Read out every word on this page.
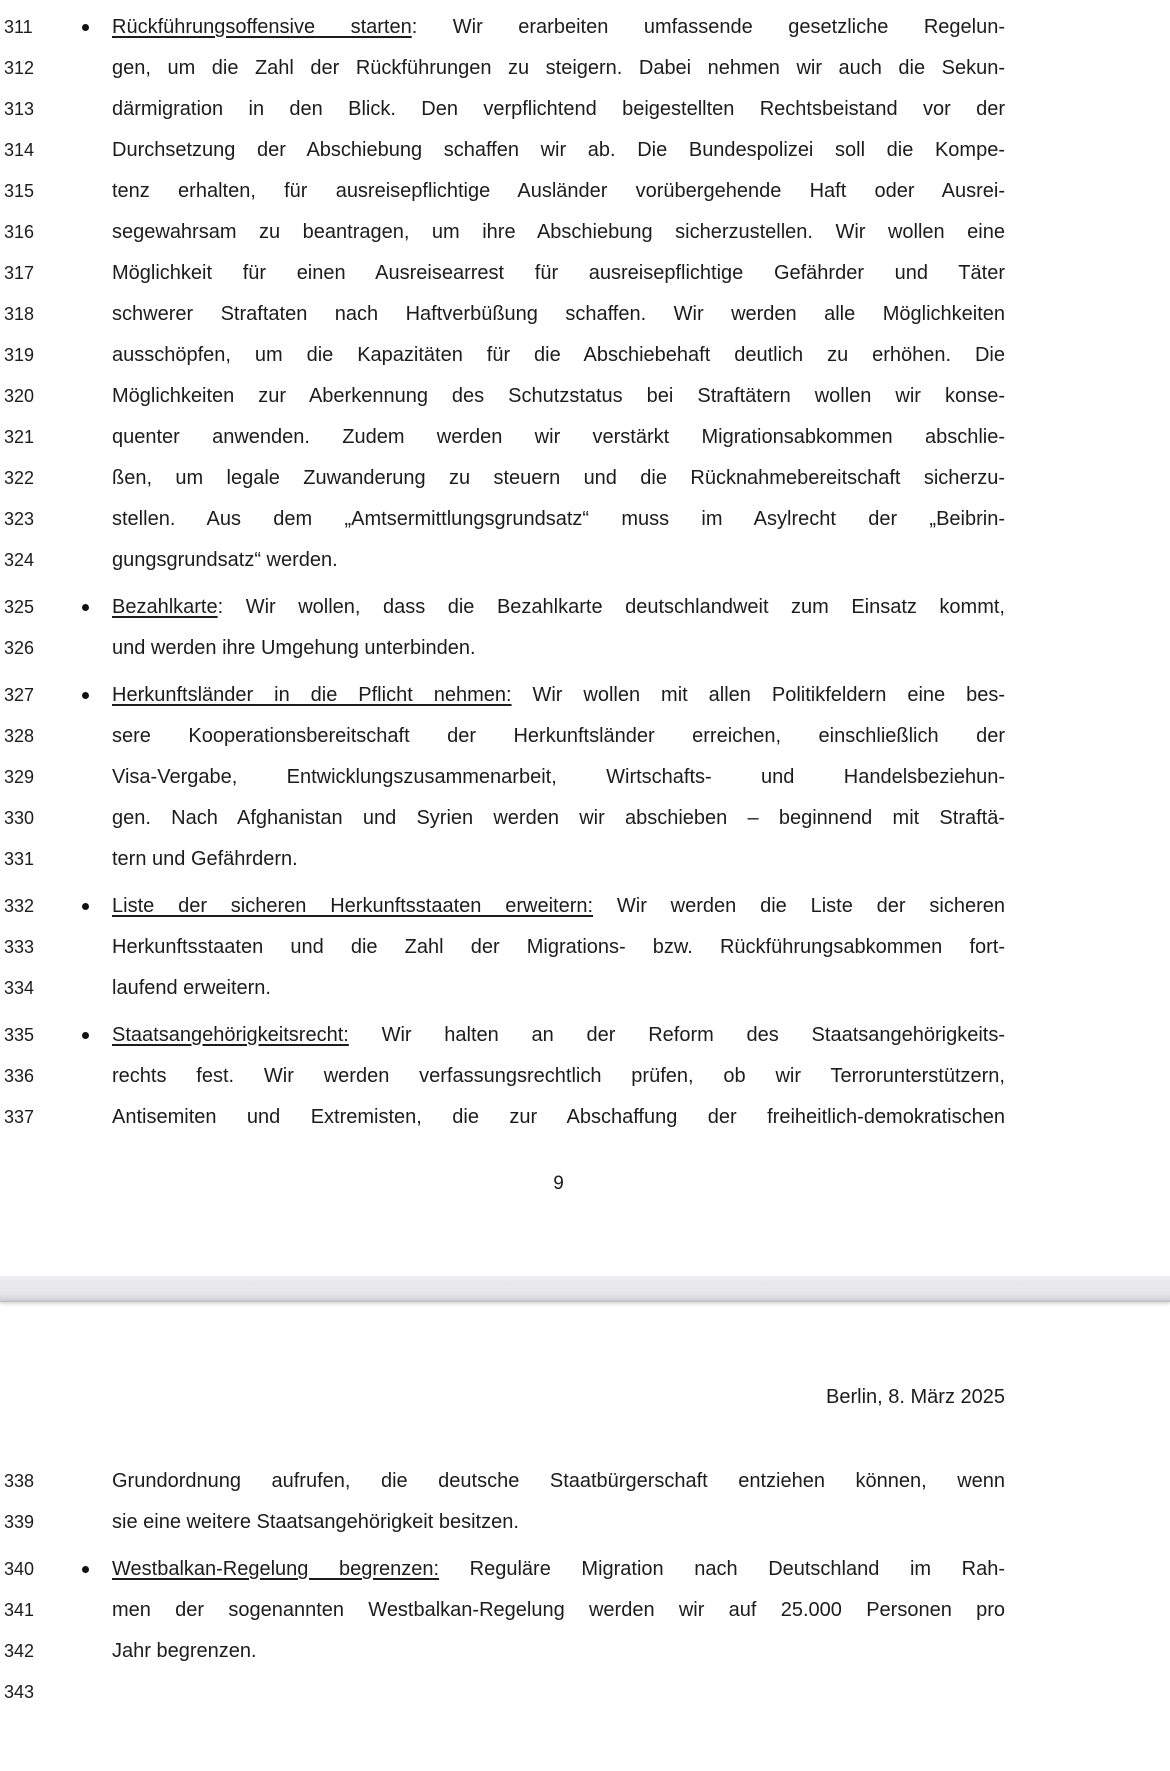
311	Rückführungsoffensive starten: Wir erarbeiten umfassende gesetzliche Regelun-
312	gen, um die Zahl der Rückführungen zu steigern. Dabei nehmen wir auch die Sekun-
313	därmigration in den Blick. Den verpflichtend beigestellten Rechtsbeistand vor der
314	Durchsetzung der Abschiebung schaffen wir ab. Die Bundespolizei soll die Kompe-
315	tenz erhalten, für ausreisepflichtige Ausländer vorübergehende Haft oder Ausrei-
316	segewahrsam zu beantragen, um ihre Abschiebung sicherzustellen. Wir wollen eine
317	Möglichkeit für einen Ausreisearrest für ausreisepflichtige Gefährder und Täter
318	schwerer Straftaten nach Haftverbüßung schaffen. Wir werden alle Möglichkeiten
319	ausschöpfen, um die Kapazitäten für die Abschiebehaft deutlich zu erhöhen. Die
320	Möglichkeiten zur Aberkennung des Schutzstatus bei Straftätern wollen wir konse-
321	quenter anwenden. Zudem werden wir verstärkt Migrationsabkommen abschlie-
322	ßen, um legale Zuwanderung zu steuern und die Rücknahmebereitschaft sicherzu-
323	stellen. Aus dem „Amtsermittlungsgrundsatz“ muss im Asylrecht der „Beibrin-
324	gungsgrundsatz“ werden.
325	Bezahlkarte: Wir wollen, dass die Bezahlkarte deutschlandweit zum Einsatz kommt,
326	und werden ihre Umgehung unterbinden.
327	Herkunftsländer in die Pflicht nehmen: Wir wollen mit allen Politikfeldern eine bes-
328	sere Kooperationsbereitschaft der Herkunftsländer erreichen, einschließlich der
329	Visa-Vergabe, Entwicklungszusammenarbeit, Wirtschafts- und Handelsbeziehun-
330	gen. Nach Afghanistan und Syrien werden wir abschieben – beginnend mit Straftä-
331	tern und Gefährdern.
332	Liste der sicheren Herkunftsstaaten erweitern: Wir werden die Liste der sicheren
333	Herkunftsstaaten und die Zahl der Migrations- bzw. Rückführungsabkommen fort-
334	laufend erweitern.
335	Staatsangehörigkeitsrecht: Wir halten an der Reform des Staatsangehörigkeits-
336	rechts fest. Wir werden verfassungsrechtlich prüfen, ob wir Terrorunterstützern,
337	Antisemiten und Extremisten, die zur Abschaffung der freiheitlich-demokratischen
9
Berlin, 8. März 2025
338	Grundordnung aufrufen, die deutsche Staatbürgerschaft entziehen können, wenn
339	sie eine weitere Staatsangehörigkeit besitzen.
340	Westbalkan-Regelung begrenzen: Reguläre Migration nach Deutschland im Rah-
341	men der sogenannten Westbalkan-Regelung werden wir auf 25.000 Personen pro
342	Jahr begrenzen.
343
